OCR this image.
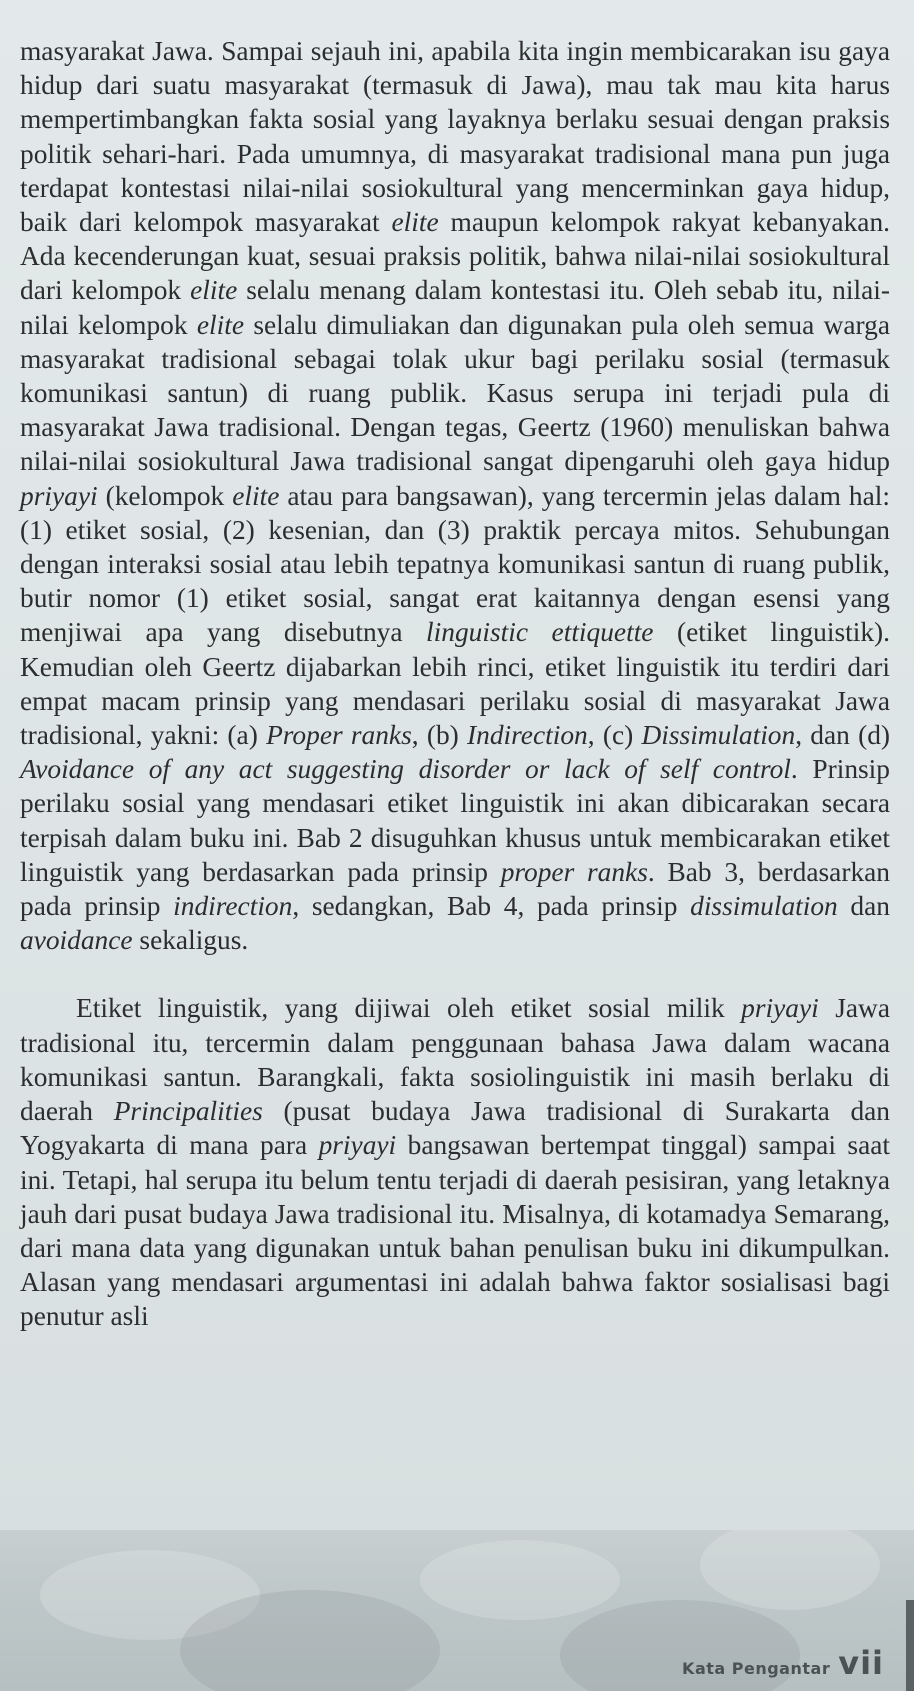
masyarakat Jawa. Sampai sejauh ini, apabila kita ingin membicarakan isu gaya hidup dari suatu masyarakat (termasuk di Jawa), mau tak mau kita harus mempertimbangkan fakta sosial yang layaknya berlaku sesuai dengan praksis politik sehari-hari. Pada umumnya, di masyarakat tradisional mana pun juga terdapat kontestasi nilai-nilai sosiokultural yang mencerminkan gaya hidup, baik dari kelompok masyarakat elite maupun kelompok rakyat kebanyakan. Ada kecenderungan kuat, sesuai praksis politik, bahwa nilai-nilai sosiokultural dari kelompok elite selalu menang dalam kontestasi itu. Oleh sebab itu, nilai-nilai kelompok elite selalu dimuliakan dan digunakan pula oleh semua warga masyarakat tradisional sebagai tolak ukur bagi perilaku sosial (termasuk komunikasi santun) di ruang publik. Kasus serupa ini terjadi pula di masyarakat Jawa tradisional. Dengan tegas, Geertz (1960) menuliskan bahwa nilai-nilai sosiokultural Jawa tradisional sangat dipengaruhi oleh gaya hidup priyayi (kelompok elite atau para bangsawan), yang tercermin jelas dalam hal: (1) etiket sosial, (2) kesenian, dan (3) praktik percaya mitos. Sehubungan dengan interaksi sosial atau lebih tepatnya komunikasi santun di ruang publik, butir nomor (1) etiket sosial, sangat erat kaitannya dengan esensi yang menjiwai apa yang disebutnya linguistic ettiquette (etiket linguistik). Kemudian oleh Geertz dijabarkan lebih rinci, etiket linguistik itu terdiri dari empat macam prinsip yang mendasari perilaku sosial di masyarakat Jawa tradisional, yakni: (a) Proper ranks, (b) Indirection, (c) Dissimulation, dan (d) Avoidance of any act suggesting disorder or lack of self control. Prinsip perilaku sosial yang mendasari etiket linguistik ini akan dibicarakan secara terpisah dalam buku ini. Bab 2 disuguhkan khusus untuk membicarakan etiket linguistik yang berdasarkan pada prinsip proper ranks. Bab 3, berdasarkan pada prinsip indirection, sedangkan, Bab 4, pada prinsip dissimulation dan avoidance sekaligus.

Etiket linguistik, yang dijiwai oleh etiket sosial milik priyayi Jawa tradisional itu, tercermin dalam penggunaan bahasa Jawa dalam wacana komunikasi santun. Barangkali, fakta sosiolinguistik ini masih berlaku di daerah Principalities (pusat budaya Jawa tradisional di Surakarta dan Yogyakarta di mana para priyayi bangsawan bertempat tinggal) sampai saat ini. Tetapi, hal serupa itu belum tentu terjadi di daerah pesisiran, yang letaknya jauh dari pusat budaya Jawa tradisional itu. Misalnya, di kotamadya Semarang, dari mana data yang digunakan untuk bahan penulisan buku ini dikumpulkan. Alasan yang mendasari argumentasi ini adalah bahwa faktor sosialisasi bagi penutur asli

Kata Pengantar vii
